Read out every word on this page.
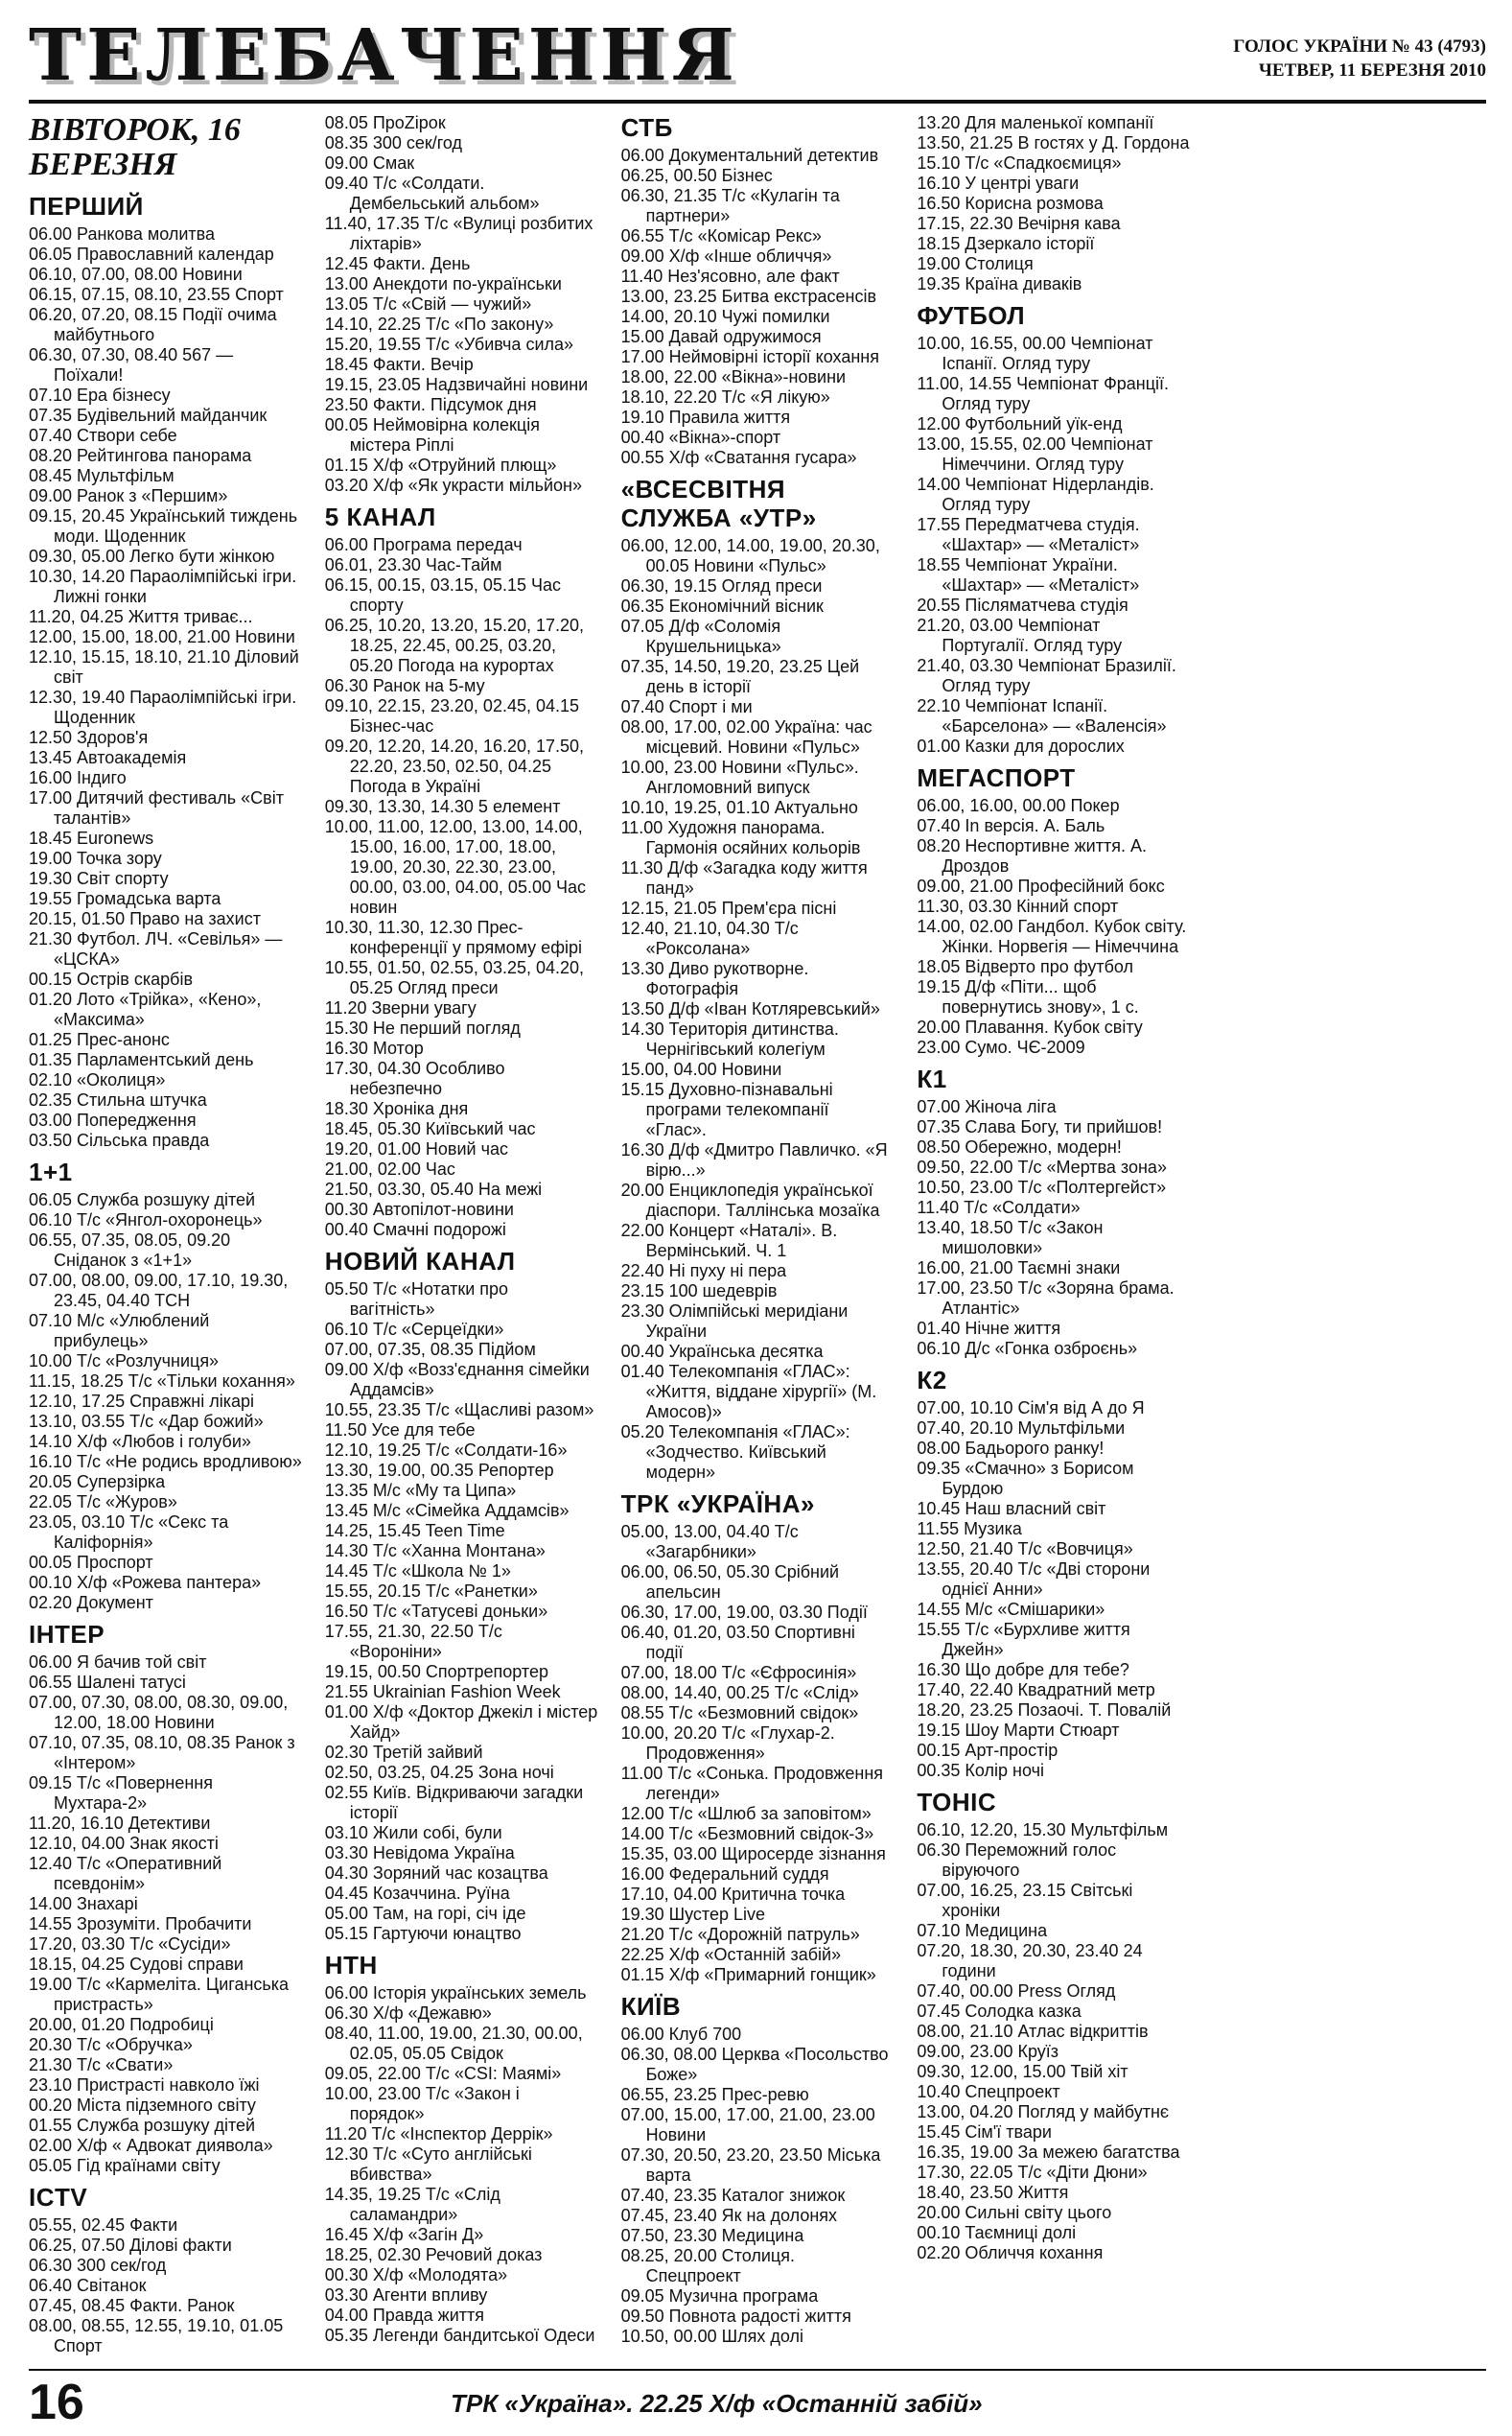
ТЕЛЕБАЧЕННЯ	ГОЛОС УКРАЇНИ № 43 (4793)
ЧЕТВЕР, 11 БЕРЕЗНЯ 2010
ВІВТОРОК, 16 БЕРЕЗНЯ
ПЕРШИЙ
06.00 Ранкова молитва
06.05 Православний календар
06.10, 07.00, 08.00 Новини
06.15, 07.15, 08.10, 23.55 Спорт
06.20, 07.20, 08.15 Події очима майбутнього
06.30, 07.30, 08.40 567 — Поїхали!
07.10 Ера бізнесу
07.35 Будівельний майданчик
07.40 Створи себе
08.20 Рейтингова панорама
08.45 Мультфільм
09.00 Ранок з «Першим»
09.15, 20.45 Український тиждень моди. Щоденник
09.30, 05.00 Легко бути жінкою
10.30, 14.20 Параолімпійські ігри. Лижні гонки
11.20, 04.25 Життя триває...
12.00, 15.00, 18.00, 21.00 Новини
12.10, 15.15, 18.10, 21.10 Діловий світ
12.30, 19.40 Параолімпійські ігри. Щоденник
12.50 Здоров'я
13.45 Автоакадемія
16.00 Індиго
17.00 Дитячий фестиваль «Світ талантів»
18.45 Euronews
19.00 Точка зору
19.30 Світ спорту
19.55 Громадська варта
20.15, 01.50 Право на захист
21.30 Футбол. ЛЧ. «Севілья» — «ЦСКА»
00.15 Острів скарбів
01.20 Лото «Трійка», «Кено», «Максима»
01.25 Прес-анонс
01.35 Парламентський день
02.10 «Околиця»
02.35 Стильна штучка
03.00 Попередження
03.50 Сільська правда
1+1
06.05 Служба розшуку дітей
06.10 Т/с «Янгол-охоронець»
06.55, 07.35, 08.05, 09.20 Сніданок з «1+1»
07.00, 08.00, 09.00, 17.10, 19.30, 23.45, 04.40 ТСН
07.10 М/с «Улюблений прибулець»
10.00 Т/с «Розлучниця»
11.15, 18.25 Т/с «Тільки кохання»
12.10, 17.25 Справжні лікарі
13.10, 03.55 Т/с «Дар божий»
14.10 Х/ф «Любов і голуби»
16.10 Т/с «Не родись вродливою»
20.05 Суперзірка
22.05 Т/с «Журов»
23.05, 03.10 Т/с «Секс та Каліфорнія»
00.05 Проспорт
00.10 Х/ф «Рожева пантера»
02.20 Документ
ІНТЕР
06.00 Я бачив той світ
06.55 Шалені татусі
07.00, 07.30, 08.00, 08.30, 09.00, 12.00, 18.00 Новини
07.10, 07.35, 08.10, 08.35 Ранок з «Інтером»
09.15 Т/с «Повернення Мухтара-2»
11.20, 16.10 Детективи
12.10, 04.00 Знак якості
12.40 Т/с «Оперативний псевдонім»
14.00 Знахарі
14.55 Зрозуміти. Пробачити
17.20, 03.30 Т/с «Сусіди»
18.15, 04.25 Судові справи
19.00 Т/с «Кармеліта. Циганська пристрасть»
20.00, 01.20 Подробиці
20.30 Т/с «Обручка»
21.30 Т/с «Свати»
23.10 Пристрасті навколо їжі
00.20 Міста підземного світу
01.55 Служба розшуку дітей
02.00 Х/ф « Адвокат диявола»
05.05 Гід країнами світу
ICTV
05.55, 02.45 Факти
06.25, 07.50 Ділові факти
06.30 300 сек/год
06.40 Світанок
07.45, 08.45 Факти. Ранок
08.00, 08.55, 12.55, 19.10, 01.05 Спорт
08.05 ПроZірок
08.35 300 сек/год
09.00 Смак
09.40 Т/с «Солдати. Дембельський альбом»
11.40, 17.35 Т/с «Вулиці розбитих ліхтарів»
12.45 Факти. День
13.00 Анекдоти по-українськи
13.05 Т/с «Свій — чужий»
14.10, 22.25 Т/с «По закону»
15.20, 19.55 Т/с «Убивча сила»
18.45 Факти. Вечір
19.15, 23.05 Надзвичайні новини
23.50 Факти. Підсумок дня
00.05 Неймовірна колекція містера Ріплі
01.15 Х/ф «Отруйний плющ»
03.20 Х/ф «Як украсти мільйон»
5 КАНАЛ
06.00 Програма передач
06.01, 23.30 Час-Тайм
06.15, 00.15, 03.15, 05.15 Час спорту
06.25, 10.20, 13.20, 15.20, 17.20, 18.25, 22.45, 00.25, 03.20, 05.20 Погода на курортах
06.30 Ранок на 5-му
09.10, 22.15, 23.20, 02.45, 04.15 Бізнес-час
09.20, 12.20, 14.20, 16.20, 17.50, 22.20, 23.50, 02.50, 04.25 Погода в Україні
09.30, 13.30, 14.30 5 елемент
10.00, 11.00, 12.00, 13.00, 14.00, 15.00, 16.00, 17.00, 18.00, 19.00, 20.30, 22.30, 23.00, 00.00, 03.00, 04.00, 05.00 Час новин
10.30, 11.30, 12.30 Прес-конференції у прямому ефірі
10.55, 01.50, 02.55, 03.25, 04.20, 05.25 Огляд преси
11.20 Зверни увагу
15.30 Не перший погляд
16.30 Мотор
17.30, 04.30 Особливо небезпечно
18.30 Хроніка дня
18.45, 05.30 Київський час
19.20, 01.00 Новий час
21.00, 02.00 Час
21.50, 03.30, 05.40 На межі
00.30 Автопілот-новини
00.40 Смачні подорожі
НОВИЙ КАНАЛ
05.50 Т/с «Нотатки про вагітність»
06.10 Т/с «Серцеїдки»
07.00, 07.35, 08.35 Підйом
09.00 Х/ф «Возз'єднання сімейки Аддамсів»
10.55, 23.35 Т/с «Щасливі разом»
11.50 Усе для тебе
12.10, 19.25 Т/с «Солдати-16»
13.30, 19.00, 00.35 Репортер
13.35 М/с «Му та Ципа»
13.45 М/с «Сімейка Аддамсів»
14.25, 15.45 Teen Time
14.30 Т/с «Ханна Монтана»
14.45 Т/с «Школа № 1»
15.55, 20.15 Т/с «Ранетки»
16.50 Т/с «Татусеві доньки»
17.55, 21.30, 22.50 Т/с «Вороніни»
19.15, 00.50 Спортрепортер
21.55 Ukrainian Fashion Week
01.00 Х/ф «Доктор Джекіл і містер Хайд»
02.30 Третій зайвий
02.50, 03.25, 04.25 Зона ночі
02.55 Київ. Відкриваючи загадки історії
03.10 Жили собі, були
03.30 Невідома Україна
04.30 Зоряний час козацтва
04.45 Козаччина. Руїна
05.00 Там, на горі, січ іде
05.15 Гартуючи юнацтво
НТН
06.00 Історія українських земель
06.30 Х/ф «Дежавю»
08.40, 11.00, 19.00, 21.30, 00.00, 02.05, 05.05 Свідок
09.05, 22.00 Т/с «CSI: Маямі»
10.00, 23.00 Т/с «Закон і порядок»
11.20 Т/с «Інспектор Деррік»
12.30 Т/с «Суто англійські вбивства»
14.35, 19.25 Т/с «Слід саламандри»
16.45 Х/ф «Загін Д»
18.25, 02.30 Речовий доказ
00.30 Х/ф «Молодята»
03.30 Агенти впливу
04.00 Правда життя
05.35 Легенди бандитської Одеси
СТБ
06.00 Документальний детектив
06.25, 00.50 Бізнес
06.30, 21.35 Т/с «Кулагін та партнери»
06.55 Т/с «Комісар Рекс»
09.00 Х/ф «Інше обличчя»
11.40 Нез'ясовно, але факт
13.00, 23.25 Битва екстрасенсів
14.00, 20.10 Чужі помилки
15.00 Давай одружимося
17.00 Неймовірні історії кохання
18.00, 22.00 «Вікна»-новини
18.10, 22.20 Т/с «Я лікую»
19.10 Правила життя
00.40 «Вікна»-спорт
00.55 Х/ф «Сватання гусара»
«ВСЕСВІТНЯ СЛУЖБА «УТР»
06.00, 12.00, 14.00, 19.00, 20.30, 00.05 Новини «Пульс»
06.30, 19.15 Огляд преси
06.35 Економічний вісник
07.05 Д/ф «Соломія Крушельницька»
07.35, 14.50, 19.20, 23.25 Цей день в історії
07.40 Спорт і ми
08.00, 17.00, 02.00 Україна: час місцевий. Новини «Пульс»
10.00, 23.00 Новини «Пульс». Англомовний випуск
10.10, 19.25, 01.10 Актуально
11.00 Художня панорама. Гармонія осяйних кольорів
11.30 Д/ф «Загадка коду життя панд»
12.15, 21.05 Прем'єра пісні
12.40, 21.10, 04.30 Т/с «Роксолана»
13.30 Диво рукотворне. Фотографія
13.50 Д/ф «Іван Котляревський»
14.30 Територія дитинства. Чернігівський колегіум
15.00, 04.00 Новини
15.15 Духовно-пізнавальні програми телекомпанії «Глас».
16.30 Д/ф «Дмитро Павличко. «Я вірю...»
20.00 Енциклопедія української діаспори. Таллінська мозаїка
22.00 Концерт «Наталі». В. Вермінський. Ч. 1
22.40 Ні пуху ні пера
23.15 100 шедеврів
23.30 Олімпійські меридіани України
00.40 Українська десятка
01.40 Телекомпанія «ГЛАС»: «Життя, віддане хірургії» (М. Амосов)»
05.20 Телекомпанія «ГЛАС»: «Зодчество. Київський модерн»
ТРК «УКРАЇНА»
05.00, 13.00, 04.40 Т/с «Загарбники»
06.00, 06.50, 05.30 Срібний апельсин
06.30, 17.00, 19.00, 03.30 Події
06.40, 01.20, 03.50 Спортивні події
07.00, 18.00 Т/с «Єфросинія»
08.00, 14.40, 00.25 Т/с «Слід»
08.55 Т/с «Безмовний свідок»
10.00, 20.20 Т/с «Глухар-2. Продовження»
11.00 Т/с «Сонька. Продовження легенди»
12.00 Т/с «Шлюб за заповітом»
14.00 Т/с «Безмовний свідок-3»
15.35, 03.00 Щиросерде зізнання
16.00 Федеральний суддя
17.10, 04.00 Критична точка
19.30 Шустер Live
21.20 Т/с «Дорожній патруль»
22.25 Х/ф «Останній забій»
01.15 Х/ф «Примарний гонщик»
КИЇВ
06.00 Клуб 700
06.30, 08.00 Церква «Посольство Боже»
06.55, 23.25 Прес-ревю
07.00, 15.00, 17.00, 21.00, 23.00 Новини
07.30, 20.50, 23.20, 23.50 Міська варта
07.40, 23.35 Каталог знижок
07.45, 23.40 Як на долонях
07.50, 23.30 Медицина
08.25, 20.00 Столиця. Спецпроект
09.05 Музична програма
09.50 Повнота радості життя
10.50, 00.00 Шлях долі
13.20 Для маленької компанії
13.50, 21.25 В гостях у Д. Гордона
15.10 Т/с «Спадкоємиця»
16.10 У центрі уваги
16.50 Корисна розмова
17.15, 22.30 Вечірня кава
18.15 Дзеркало історії
19.00 Столиця
19.35 Країна диваків
ФУТБОЛ
10.00, 16.55, 00.00 Чемпіонат Іспанії. Огляд туру
11.00, 14.55 Чемпіонат Франції. Огляд туру
12.00 Футбольний уїк-енд
13.00, 15.55, 02.00 Чемпіонат Німеччини. Огляд туру
14.00 Чемпіонат Нідерландів. Огляд туру
17.55 Передматчева студія. «Шахтар» — «Металіст»
18.55 Чемпіонат України. «Шахтар» — «Металіст»
20.55 Післяматчева студія
21.20, 03.00 Чемпіонат Португалії. Огляд туру
21.40, 03.30 Чемпіонат Бразилії. Огляд туру
22.10 Чемпіонат Іспанії. «Барселона» — «Валенсія»
01.00 Казки для дорослих
МЕГАСПОРТ
06.00, 16.00, 00.00 Покер
07.40 In версія. А. Баль
08.20 Неспортивне життя. А. Дроздов
09.00, 21.00 Професійний бокс
11.30, 03.30 Кінний спорт
14.00, 02.00 Гандбол. Кубок світу. Жінки. Норвегія — Німеччина
18.05 Відверто про футбол
19.15 Д/ф «Піти... щоб повернутись знову», 1 с.
20.00 Плавання. Кубок світу
23.00 Сумо. ЧЄ-2009
К1
07.00 Жіноча ліга
07.35 Слава Богу, ти прийшов!
08.50 Обережно, модерн!
09.50, 22.00 Т/с «Мертва зона»
10.50, 23.00 Т/с «Полтергейст»
11.40 Т/с «Солдати»
13.40, 18.50 Т/с «Закон мишоловки»
16.00, 21.00 Таємні знаки
17.00, 23.50 Т/с «Зоряна брама. Атлантіс»
01.40 Нічне життя
06.10 Д/с «Гонка озброєнь»
К2
07.00, 10.10 Сім'я від А до Я
07.40, 20.10 Мультфільми
08.00 Бадьорого ранку!
09.35 «Смачно» з Борисом Бурдою
10.45 Наш власний світ
11.55 Музика
12.50, 21.40 Т/с «Вовчиця»
13.55, 20.40 Т/с «Дві сторони однієї Анни»
14.55 М/с «Смішарики»
15.55 Т/с «Бурхливе життя Джейн»
16.30 Що добре для тебе?
17.40, 22.40 Квадратний метр
18.20, 23.25 Позаочі. Т. Повалій
19.15 Шоу Марти Стюарт
00.15 Арт-простір
00.35 Колір ночі
ТОНІС
06.10, 12.20, 15.30 Мультфільм
06.30 Переможний голос віруючого
07.00, 16.25, 23.15 Світські хроніки
07.10 Медицина
07.20, 18.30, 20.30, 23.40 24 години
07.40, 00.00 Press Огляд
07.45 Солодка казка
08.00, 21.10 Атлас відкриттів
09.00, 23.00 Круїз
09.30, 12.00, 15.00 Твій хіт
10.40 Спецпроект
13.00, 04.20 Погляд у майбутнє
15.45 Сім'ї твари
16.35, 19.00 За межею багатства
17.30, 22.05 Т/с «Діти Дюни»
18.40, 23.50 Життя
20.00 Сильні світу цього
00.10 Таємниці долі
02.20 Обличчя кохання
16	ТРК «Україна». 22.25 Х/ф «Останній забій»
